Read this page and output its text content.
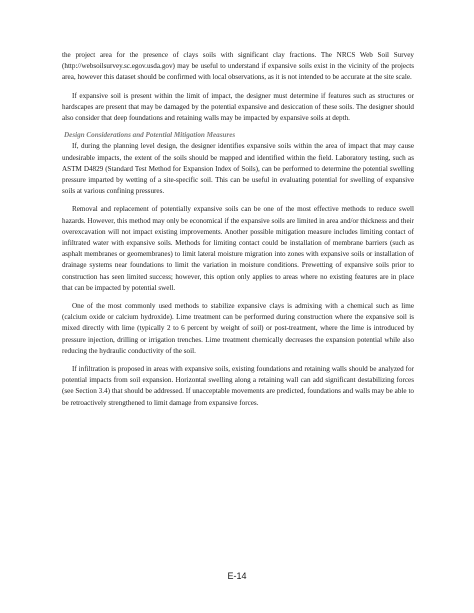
the project area for the presence of clays soils with significant clay fractions. The NRCS Web Soil Survey (http://websoilsurvey.sc.egov.usda.gov) may be useful to understand if expansive soils exist in the vicinity of the projects area, however this dataset should be confirmed with local observations, as it is not intended to be accurate at the site scale.

If expansive soil is present within the limit of impact, the designer must determine if features such as structures or hardscapes are present that may be damaged by the potential expansive and desiccation of these soils. The designer should also consider that deep foundations and retaining walls may be impacted by expansive soils at depth.

Design Considerations and Potential Mitigation Measures

If, during the planning level design, the designer identifies expansive soils within the area of impact that may cause undesirable impacts, the extent of the soils should be mapped and identified within the field. Laboratory testing, such as ASTM D4829 (Standard Test Method for Expansion Index of Soils), can be performed to determine the potential swelling pressure imparted by wetting of a site-specific soil. This can be useful in evaluating potential for swelling of expansive soils at various confining pressures.

Removal and replacement of potentially expansive soils can be one of the most effective methods to reduce swell hazards. However, this method may only be economical if the expansive soils are limited in area and/or thickness and their overexcavation will not impact existing improvements. Another possible mitigation measure includes limiting contact of infiltrated water with expansive soils. Methods for limiting contact could be installation of membrane barriers (such as asphalt membranes or geomembranes) to limit lateral moisture migration into zones with expansive soils or installation of drainage systems near foundations to limit the variation in moisture conditions. Prewetting of expansive soils prior to construction has seen limited success; however, this option only applies to areas where no existing features are in place that can be impacted by potential swell.

One of the most commonly used methods to stabilize expansive clays is admixing with a chemical such as lime (calcium oxide or calcium hydroxide). Lime treatment can be performed during construction where the expansive soil is mixed directly with lime (typically 2 to 6 percent by weight of soil) or post-treatment, where the lime is introduced by pressure injection, drilling or irrigation trenches. Lime treatment chemically decreases the expansion potential while also reducing the hydraulic conductivity of the soil.

If infiltration is proposed in areas with expansive soils, existing foundations and retaining walls should be analyzed for potential impacts from soil expansion. Horizontal swelling along a retaining wall can add significant destabilizing forces (see Section 3.4) that should be addressed. If unacceptable movements are predicted, foundations and walls may be able to be retroactively strengthened to limit damage from expansive forces.

E-14
